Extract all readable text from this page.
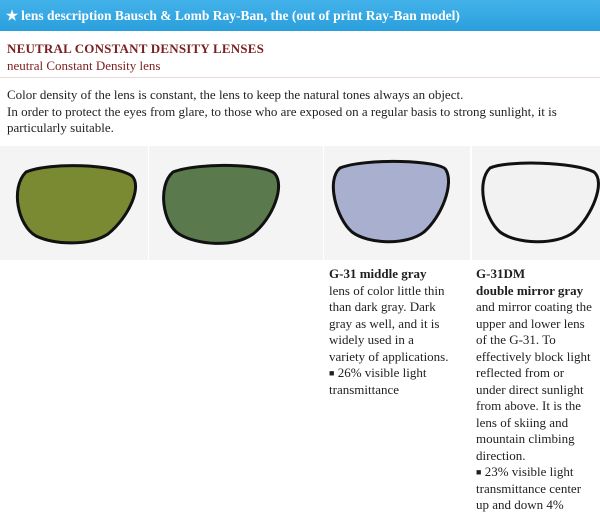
★ lens description Bausch & Lomb Ray-Ban, the (out of print Ray-Ban model)
NEUTRAL CONSTANT DENSITY LENSES
neutral Constant Density lens
Color density of the lens is constant, the lens to keep the natural tones always an object.
In order to protect the eyes from glare, to those who are exposed on a regular basis to strong sunlight, it is particularly suitable.
G-31 middle gray
lens of color little thin
than dark gray. Dark
gray as well, and it is
widely used in a
variety of applications.
■ 26% visible light
transmittance
G-31DM
double mirror gray
and mirror coating the
upper and lower lens
of the G-31. To
effectively block light
reflected from or
under direct sunlight
from above. It is the
lens of skiing and
mountain climbing
direction.
■ 23% visible light
transmittance center
up and down 4%
